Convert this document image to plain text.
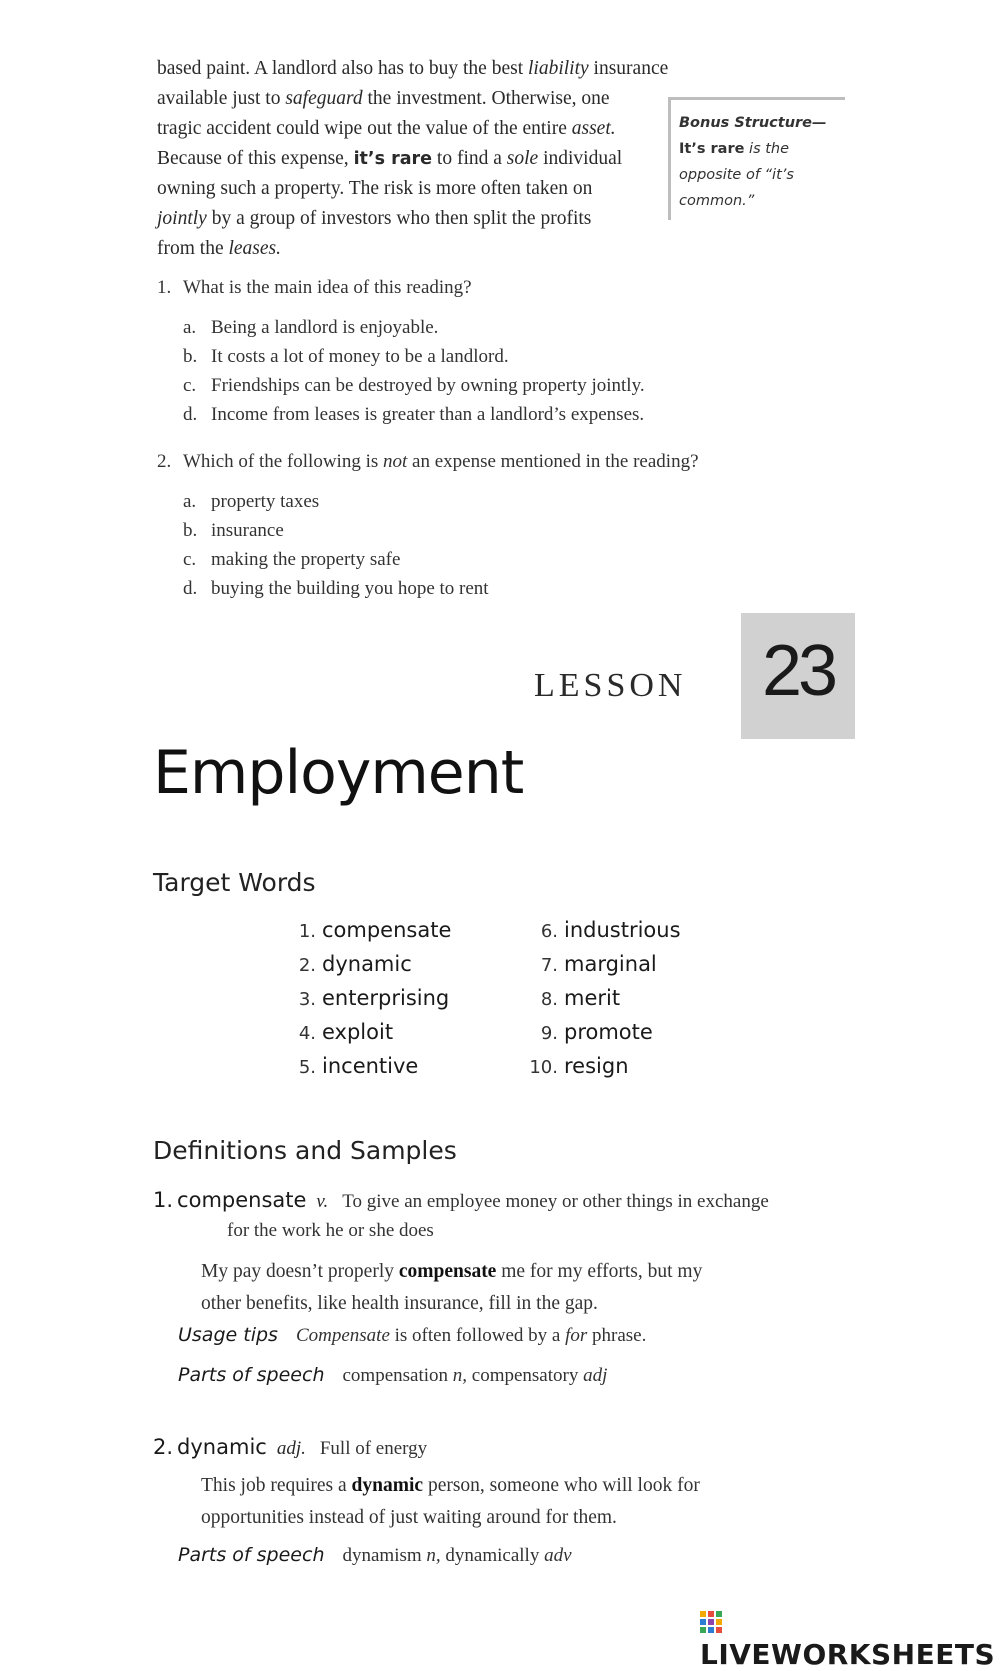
based paint. A landlord also has to buy the best liability insurance
available just to safeguard the investment. Otherwise, one
tragic accident could wipe out the value of the entire asset.
Because of this expense, it’s rare to find a sole individual
owning such a property. The risk is more often taken on
jointly by a group of investors who then split the profits
from the leases.
Bonus Structure—
It’s rare is the
opposite of “it’s
common.”
1. What is the main idea of this reading?
a. Being a landlord is enjoyable.
b. It costs a lot of money to be a landlord.
c. Friendships can be destroyed by owning property jointly.
d. Income from leases is greater than a landlord’s expenses.
2. Which of the following is not an expense mentioned in the reading?
a. property taxes
b. insurance
c. making the property safe
d. buying the building you hope to rent
LESSON 23
Employment
Target Words
1. compensate
2. dynamic
3. enterprising
4. exploit
5. incentive
6. industrious
7. marginal
8. merit
9. promote
10. resign
Definitions and Samples
1. compensate v. To give an employee money or other things in exchange
for the work he or she does
My pay doesn’t properly compensate me for my efforts, but my
other benefits, like health insurance, fill in the gap.
Usage tips Compensate is often followed by a for phrase.
Parts of speech compensation n, compensatory adj
2. dynamic adj. Full of energy
This job requires a dynamic person, someone who will look for
opportunities instead of just waiting around for them.
Parts of speech dynamism n, dynamically adv
LIVEWORKSHEETS
